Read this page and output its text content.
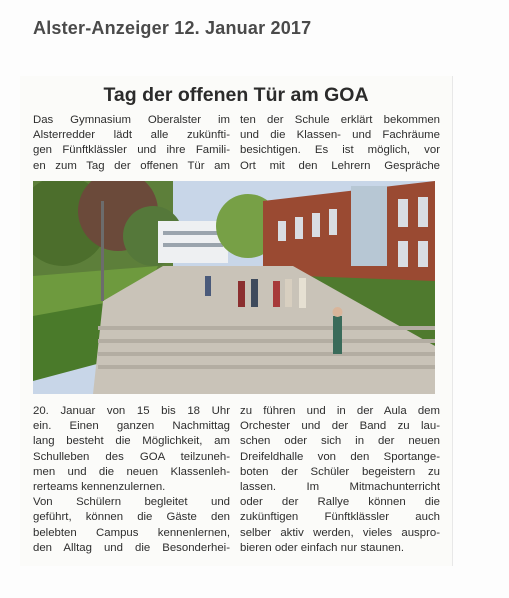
Alster-Anzeiger 12. Januar 2017
Tag der offenen Tür am GOA
Das Gymnasium Oberalster im
Alsterredder lädt alle zukünfti-
gen Fünftklässler und ihre Famili-
en zum Tag der offenen Tür am
ten der Schule erklärt bekommen
und die Klassen- und Fachräume
besichtigen. Es ist möglich, vor
Ort mit den Lehrern Gespräche
20. Januar von 15 bis 18 Uhr
ein. Einen ganzen Nachmittag
lang besteht die Möglichkeit, am
Schulleben des GOA teilzuneh-
men und die neuen Klassenleh-
rerteams kennenzulernen.
Von Schülern begleitet und
geführt, können die Gäste den
belebten Campus kennenlernen,
den Alltag und die Besonderhei-
zu führen und in der Aula dem
Orchester und der Band zu lau-
schen oder sich in der neuen
Dreifeldhalle von den Sportange-
boten der Schüler begeistern zu
lassen. Im Mitmachunterricht
oder der Rallye können die
zukünftigen Fünftklässler auch
selber aktiv werden, vieles auspro-
bieren oder einfach nur staunen.
